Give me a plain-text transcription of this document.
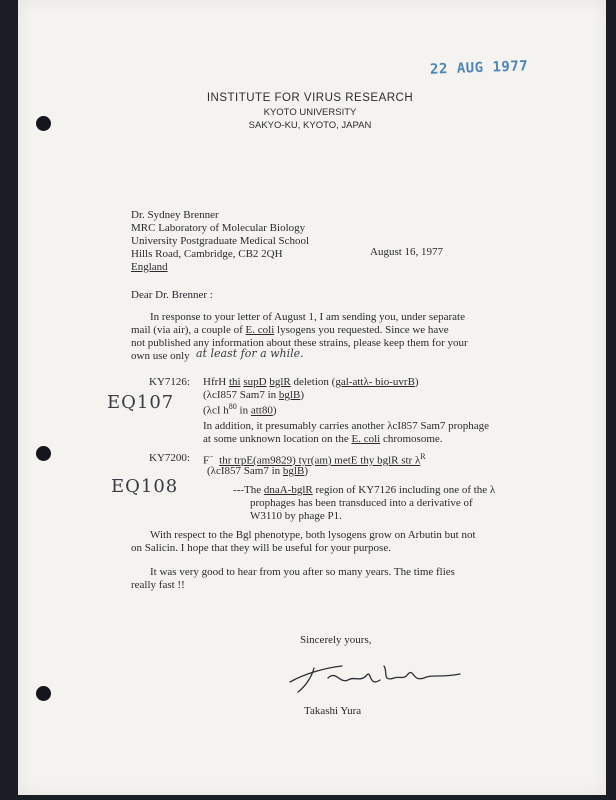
22 AUG 1977
INSTITUTE FOR VIRUS RESEARCH
KYOTO UNIVERSITY
SAKYO-KU, KYOTO, JAPAN
Dr. Sydney Brenner
MRC Laboratory of Molecular Biology
University Postgraduate Medical School
Hills Road, Cambridge, CB2 2QH
England
August 16, 1977
Dear Dr. Brenner :
In response to your letter of August 1, I am sending you, under separate
mail (via air), a couple of E. coli lysogens you requested. Since we have
not published any information about these strains, please keep them for your
own use only at least for a while.
KY7126: HfrH thi supD bglR deletion (gal-attλ- bio-uvrB)
(λcI857 Sam7 in bglB)
(λcI $h^{80}$ in att80)
EQ107
In addition, it presumably carries another λcI857 Sam7 prophage
at some unknown location on the E. coli chromosome.
KY7200: F− thr trpE(am9829) tyr(am) metE thy bglR str $\lambda^R$
(λcI857 Sam7 in bglB)
EQ108	---The dnaA-bglR region of KY7126 including one of the λ
prophages has been transduced into a derivative of
W3110 by phage P1.
With respect to the Bgl phenotype, both lysogens grow on Arbutin but not
on Salicin. I hope that they will be useful for your purpose.
It was very good to hear from you after so many years. The time flies
really fast !!
Sincerely yours,
Takashi Yura
